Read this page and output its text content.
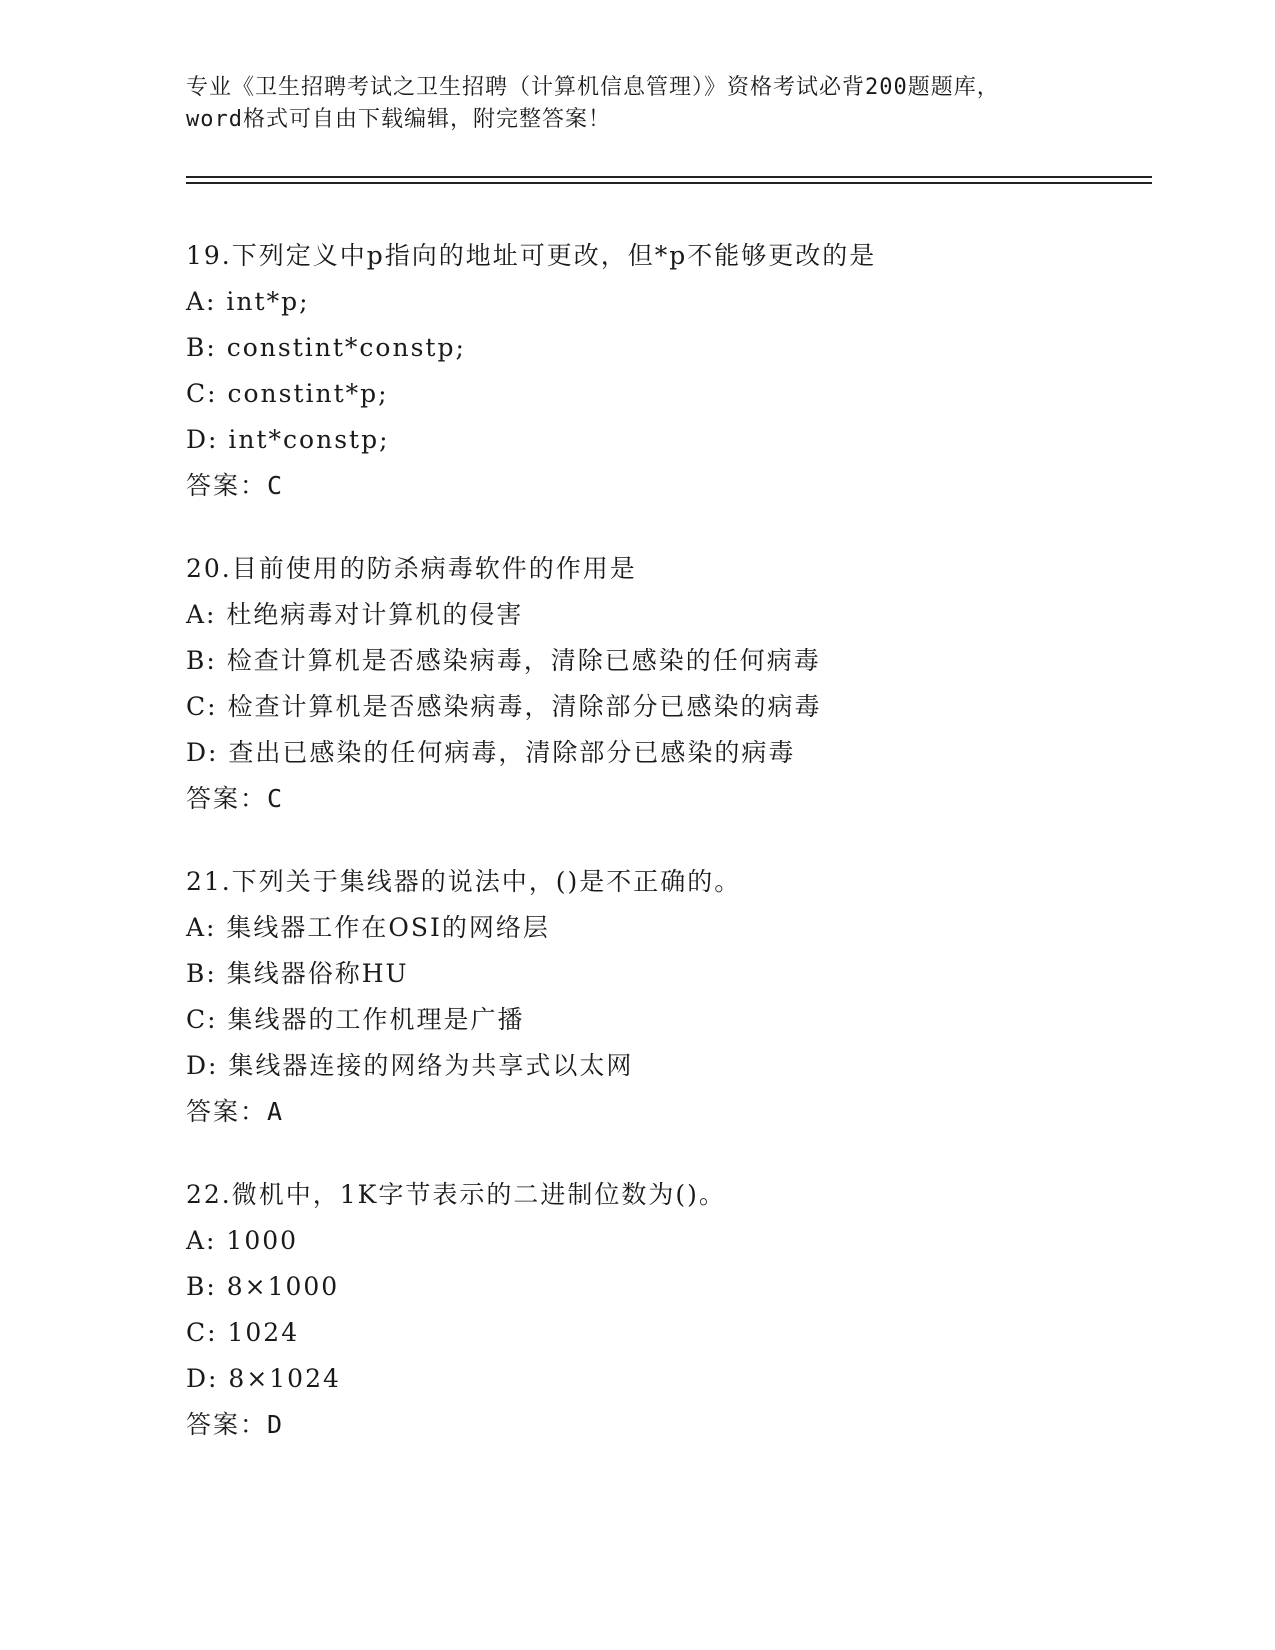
专业《卫生招聘考试之卫生招聘（计算机信息管理）》资格考试必背200题题库，
word格式可自由下载编辑，附完整答案！
19.下列定义中p指向的地址可更改，但*p不能够更改的是
A: int*p;
B: constint*constp;
C: constint*p;
D: int*constp;
答案：C
20.目前使用的防杀病毒软件的作用是
A: 杜绝病毒对计算机的侵害
B: 检查计算机是否感染病毒，清除已感染的任何病毒
C: 检查计算机是否感染病毒，清除部分已感染的病毒
D: 查出已感染的任何病毒，清除部分已感染的病毒
答案：C
21.下列关于集线器的说法中，()是不正确的。
A: 集线器工作在OSI的网络层
B: 集线器俗称HU
C: 集线器的工作机理是广播
D: 集线器连接的网络为共享式以太网
答案：A
22.微机中，1K字节表示的二进制位数为()。
A: 1000
B: 8×1000
C: 1024
D: 8×1024
答案：D
